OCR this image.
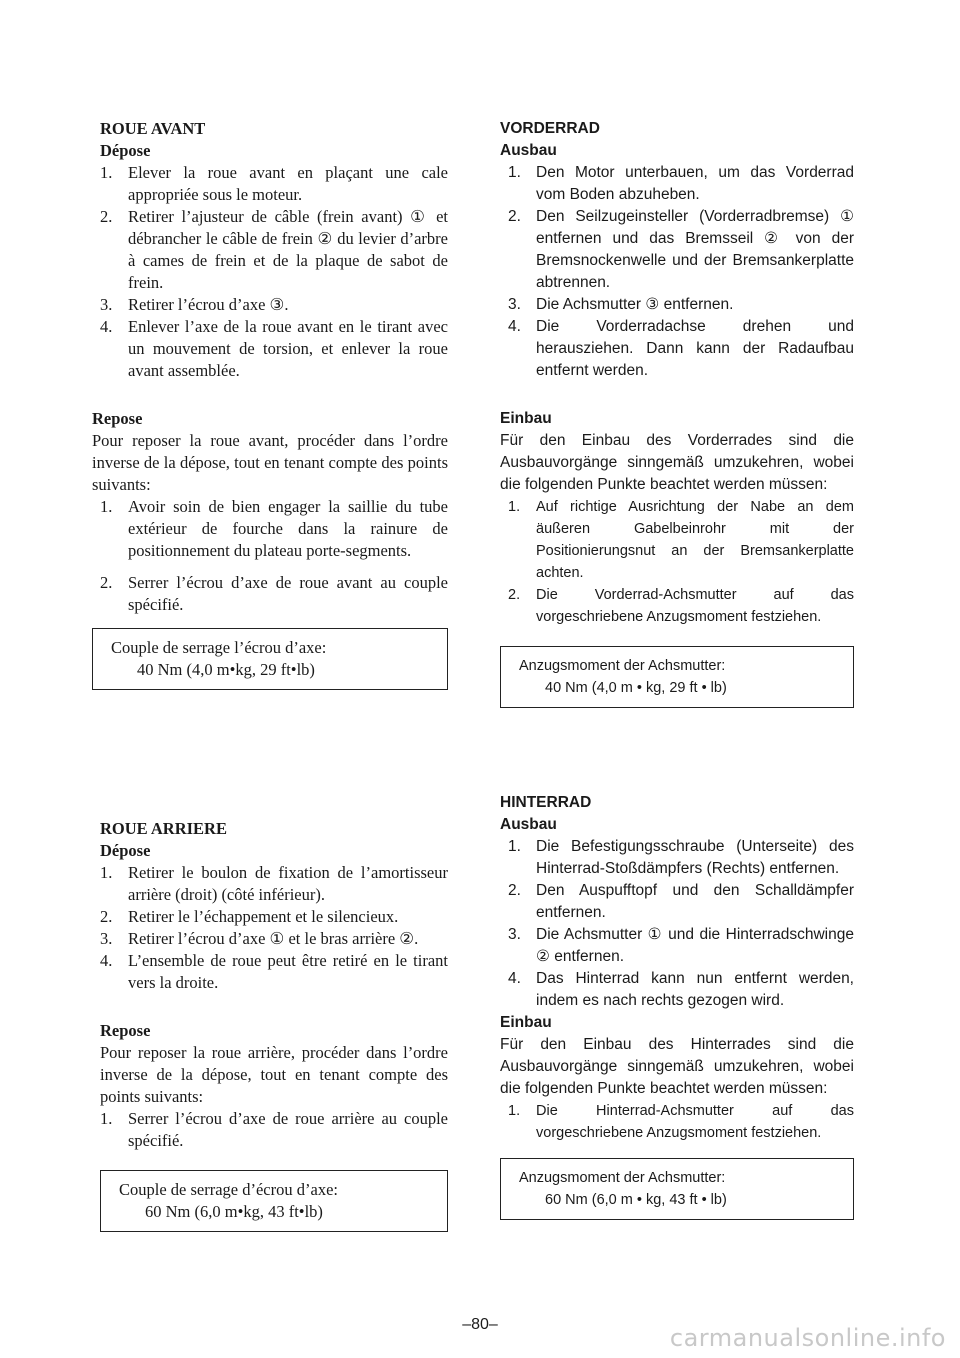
ROUE AVANT

Dépose

1. Elever la roue avant en plaçant une cale appropriée sous le moteur.
2. Retirer l’ajusteur de câble (frein avant) ① et débrancher le câble de frein ② du levier d’arbre à cames de frein et de la plaque de sabot de frein.
3. Retirer l’écrou d’axe ③.
4. Enlever l’axe de la roue avant en le tirant avec un mouvement de torsion, et enlever la roue avant assemblée.

Repose

Pour reposer la roue avant, procéder dans l’ordre inverse de la dépose, tout en tenant compte des points suivants:

1. Avoir soin de bien engager la saillie du tube extérieur de fourche dans la rainure de positionnement du plateau porte-segments.
2. Serrer l’écrou d’axe de roue avant au couple spécifié.
Couple de serrage l’écrou d’axe:
40 Nm (4,0 m•kg, 29 ft•lb)

VORDERRAD

Ausbau

1. Den Motor unterbauen, um das Vorderrad vom Boden abzuheben.
2. Den Seilzugeinsteller (Vorderradbremse) ① entfernen und das Bremsseil ② von der Bremsnockenwelle und der Bremsankerplatte abtrennen.
3. Die Achsmutter ③ entfernen.
4. Die Vorderradachse drehen und herausziehen. Dann kann der Radaufbau entfernt werden.

Einbau

Für den Einbau des Vorderrades sind die Ausbauvorgänge sinngemäß umzukehren, wobei die folgenden Punkte beachtet werden müssen:

1. Auf richtige Ausrichtung der Nabe an dem äußeren Gabelbeinrohr mit der Positionierungsnut an der Bremsankerplatte achten.
2. Die Vorderrad-Achsmutter auf das vorgeschriebene Anzugsmoment festziehen.
Anzugsmoment der Achsmutter:
40 Nm (4,0 m • kg, 29 ft • lb)

ROUE ARRIERE

Dépose

1. Retirer le boulon de fixation de l’amortisseur arrière (droit) (côté inférieur).
2. Retirer le l’échappement et le silencieux.
3. Retirer l’écrou d’axe ① et le bras arrière ②.
4. L’ensemble de roue peut être retiré en le tirant vers la droite.

Repose

Pour reposer la roue arrière, procéder dans l’ordre inverse de la dépose, tout en tenant compte des points suivants:

1. Serrer l’écrou d’axe de roue arrière au couple spécifié.
Couple de serrage d’écrou d’axe:
60 Nm (6,0 m•kg, 43 ft•lb)

HINTERRAD

Ausbau

1. Die Befestigungsschraube (Unterseite) des Hinterrad-Stoßdämpfers (Rechts) entfernen.
2. Den Auspufftopf und den Schalldämpfer entfernen.
3. Die Achsmutter ① und die Hinterradschwinge ② entfernen.
4. Das Hinterrad kann nun entfernt werden, indem es nach rechts gezogen wird.

Einbau

Für den Einbau des Hinterrades sind die Ausbauvorgänge sinngemäß umzukehren, wobei die folgenden Punkte beachtet werden müssen:

1. Die Hinterrad-Achsmutter auf das vorgeschriebene Anzugsmoment festziehen.
Anzugsmoment der Achsmutter:
60 Nm (6,0 m • kg, 43 ft • lb)
–80–	carmanualsonline.info
